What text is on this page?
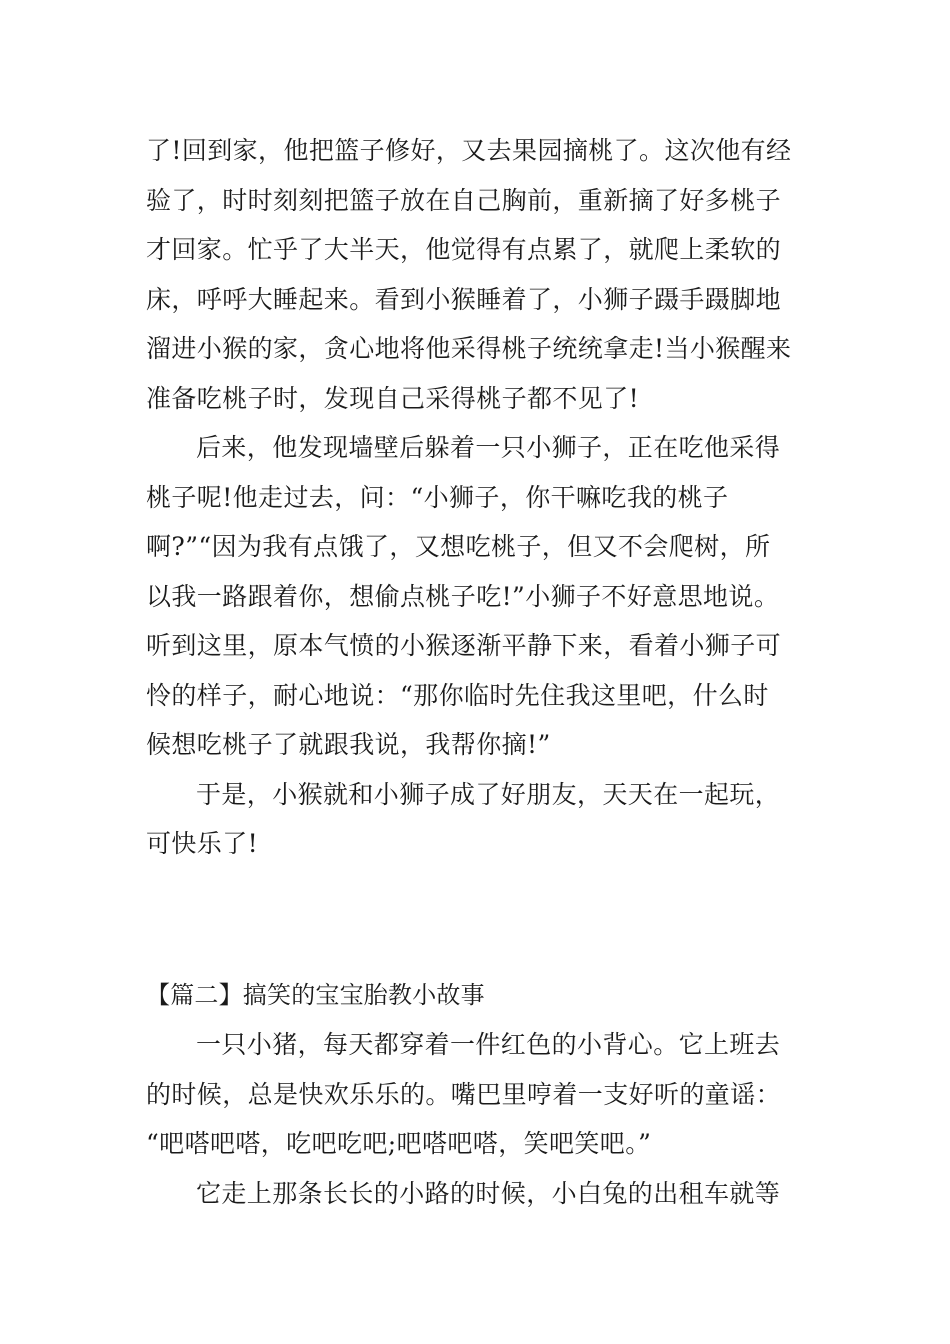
了!回到家，他把篮子修好，又去果园摘桃了。这次他有经
验了，时时刻刻把篮子放在自己胸前，重新摘了好多桃子
才回家。忙乎了大半天，他觉得有点累了，就爬上柔软的
床，呼呼大睡起来。看到小猴睡着了，小狮子蹑手蹑脚地
溜进小猴的家，贪心地将他采得桃子统统拿走!当小猴醒来
准备吃桃子时，发现自己采得桃子都不见了!
后来，他发现墙壁后躲着一只小狮子，正在吃他采得
桃子呢!他走过去，问：“小狮子，你干嘛吃我的桃子
啊?”“因为我有点饿了，又想吃桃子，但又不会爬树，所
以我一路跟着你，想偷点桃子吃!”小狮子不好意思地说。
听到这里，原本气愤的小猴逐渐平静下来，看着小狮子可
怜的样子，耐心地说：“那你临时先住我这里吧，什么时
候想吃桃子了就跟我说，我帮你摘!”
于是，小猴就和小狮子成了好朋友，天天在一起玩，
可快乐了!
【篇二】搞笑的宝宝胎教小故事
一只小猪，每天都穿着一件红色的小背心。它上班去
的时候，总是快欢乐乐的。嘴巴里哼着一支好听的童谣：
“吧嗒吧嗒，吃吧吃吧;吧嗒吧嗒，笑吧笑吧。”
它走上那条长长的小路的时候，小白兔的出租车就等
